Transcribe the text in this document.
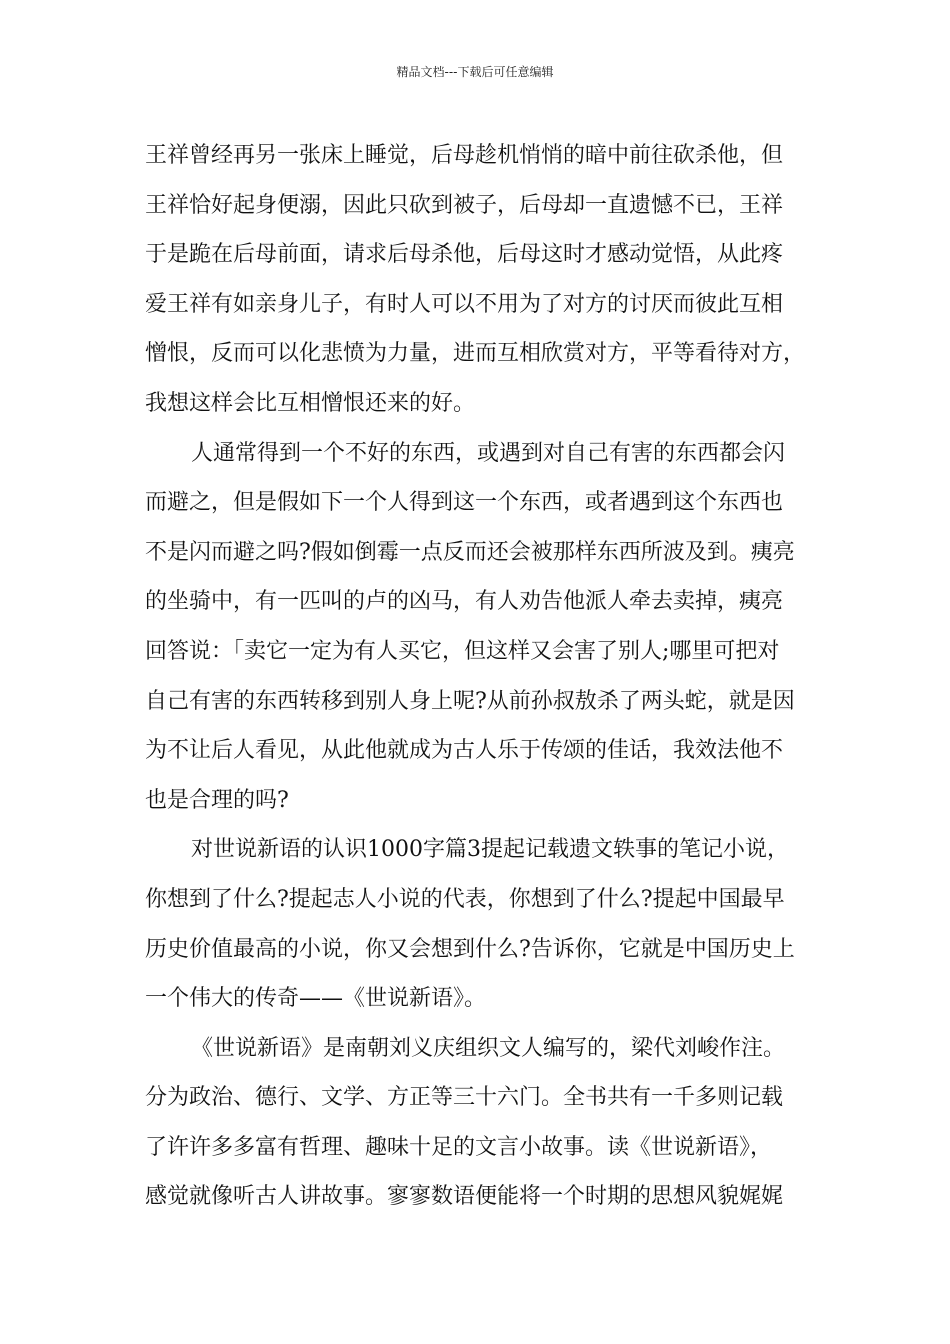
精品文档---下载后可任意编辑
王祥曾经再另一张床上睡觉，后母趁机悄悄的暗中前往砍杀他，但
王祥恰好起身便溺，因此只砍到被子，后母却一直遗憾不已，王祥
于是跪在后母前面，请求后母杀他，后母这时才感动觉悟，从此疼
爱王祥有如亲身儿子，有时人可以不用为了对方的讨厌而彼此互相
憎恨，反而可以化悲愤为力量，进而互相欣赏对方，平等看待对方，
我想这样会比互相憎恨还来的好。
人通常得到一个不好的东西，或遇到对自己有害的东西都会闪
而避之，但是假如下一个人得到这一个东西，或者遇到这个东西也
不是闪而避之吗?假如倒霉一点反而还会被那样东西所波及到。痍亮
的坐骑中，有一匹叫的卢的凶马，有人劝告他派人牵去卖掉，痍亮
回答说：「卖它一定为有人买它，但这样又会害了别人;哪里可把对
自己有害的东西转移到别人身上呢?从前孙叔敖杀了两头蛇，就是因
为不让后人看见，从此他就成为古人乐于传颂的佳话，我效法他不
也是合理的吗?
对世说新语的认识1000字篇3提起记载遗文轶事的笔记小说，
你想到了什么?提起志人小说的代表，你想到了什么?提起中国最早
历史价值最高的小说，你又会想到什么?告诉你，它就是中国历史上
一个伟大的传奇——《世说新语》。
《世说新语》是南朝刘义庆组织文人编写的，梁代刘峻作注。
分为政治、德行、文学、方正等三十六门。全书共有一千多则记载
了许许多多富有哲理、趣味十足的文言小故事。读《世说新语》，
感觉就像听古人讲故事。寥寥数语便能将一个时期的思想风貌娓娓
